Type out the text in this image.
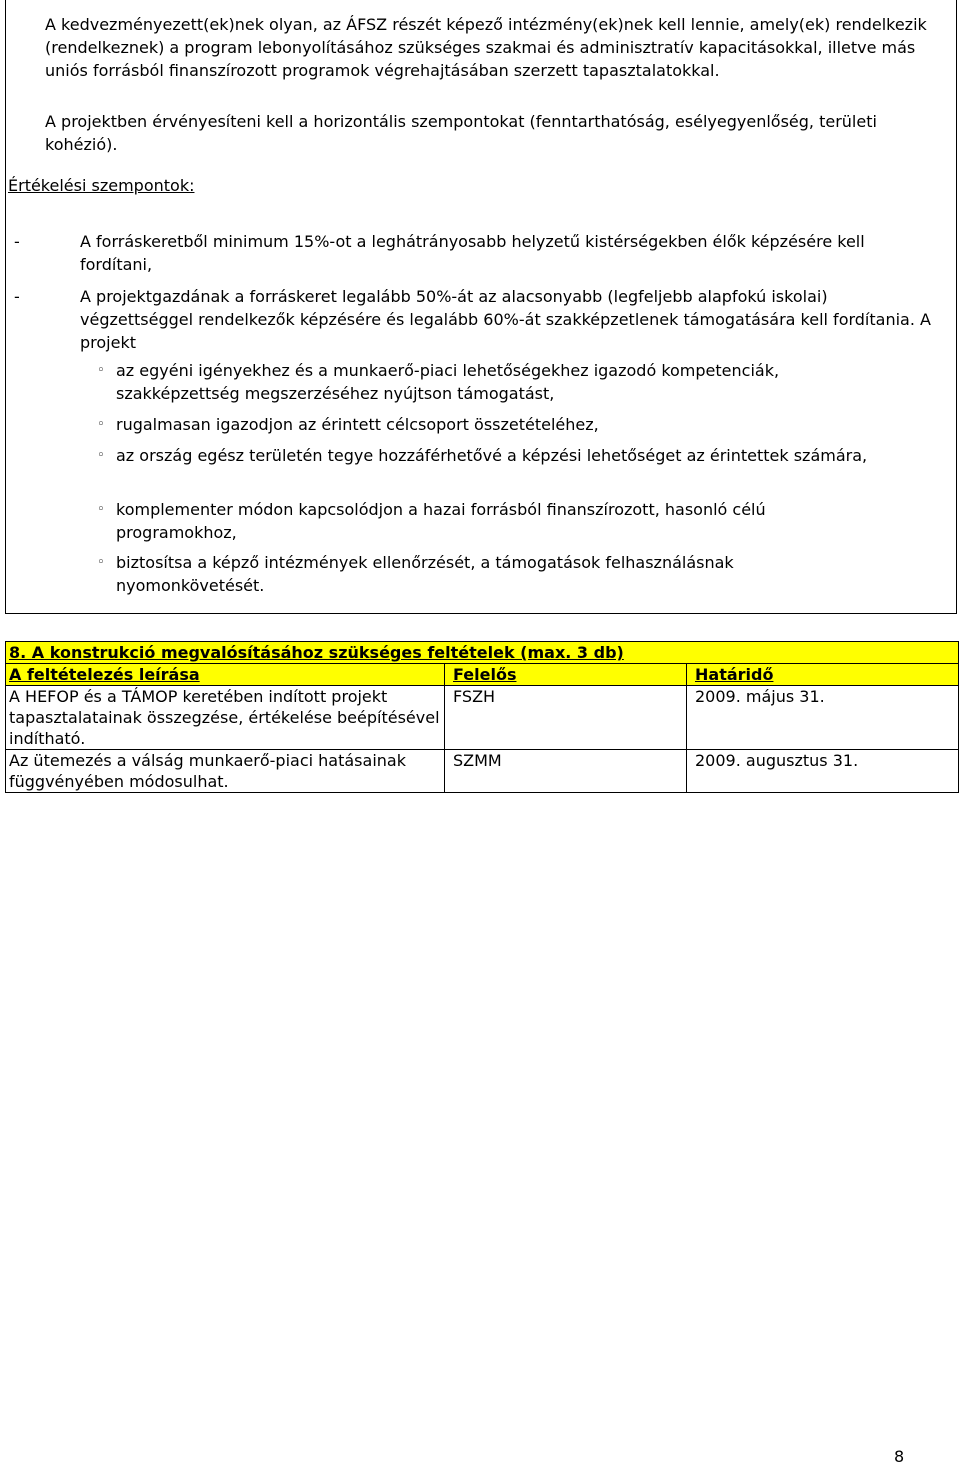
A kedvezményezett(ek)nek olyan, az ÁFSZ részét képező intézmény(ek)nek kell lennie, amely(ek) rendelkezik (rendelkeznek) a program lebonyolításához szükséges szakmai és adminisztratív kapacitásokkal, illetve más uniós forrásból finanszírozott programok végrehajtásában szerzett tapasztalatokkal.

A projektben érvényesíteni kell a horizontális szempontokat (fenntarthatóság, esélyegyenlőség, területi kohézió).

Értékelési szempontok:

-	A forráskeretből minimum 15%-ot a leghátrányosabb helyzetű kistérségekben élők képzésére kell fordítani,

-	A projektgazdának a forráskeret legalább 50%-át az alacsonyabb (legfeljebb alapfokú iskolai) végzettséggel rendelkezők képzésére és legalább 60%-át szakképzetlenek támogatására kell fordítania. A projekt

◦ az egyéni igényekhez és a munkaerő-piaci lehetőségekhez igazodó kompetenciák, szakképzettség megszerzéséhez nyújtson támogatást,

◦ rugalmasan igazodjon az érintett célcsoport összetételéhez,

◦ az ország egész területén tegye hozzáférhetővé a képzési lehetőséget az érintettek számára,

◦ komplementer módon kapcsolódjon a hazai forrásból finanszírozott, hasonló célú programokhoz,

◦ biztosítsa a képző intézmények ellenőrzését, a támogatások felhasználásnak nyomonkövetését.

8. A konstrukció megvalósításához szükséges feltételek (max. 3 db)		
A feltételezés leírása	Felelős	Határidő
A HEFOP és a TÁMOP keretében indított projekt tapasztalatainak összegzése, értékelése beépítésével indítható.	FSZH	2009. május 31.
Az ütemezés a válság munkaerő-piaci hatásainak függvényében módosulhat.	SZMM	2009. augusztus 31.
8
